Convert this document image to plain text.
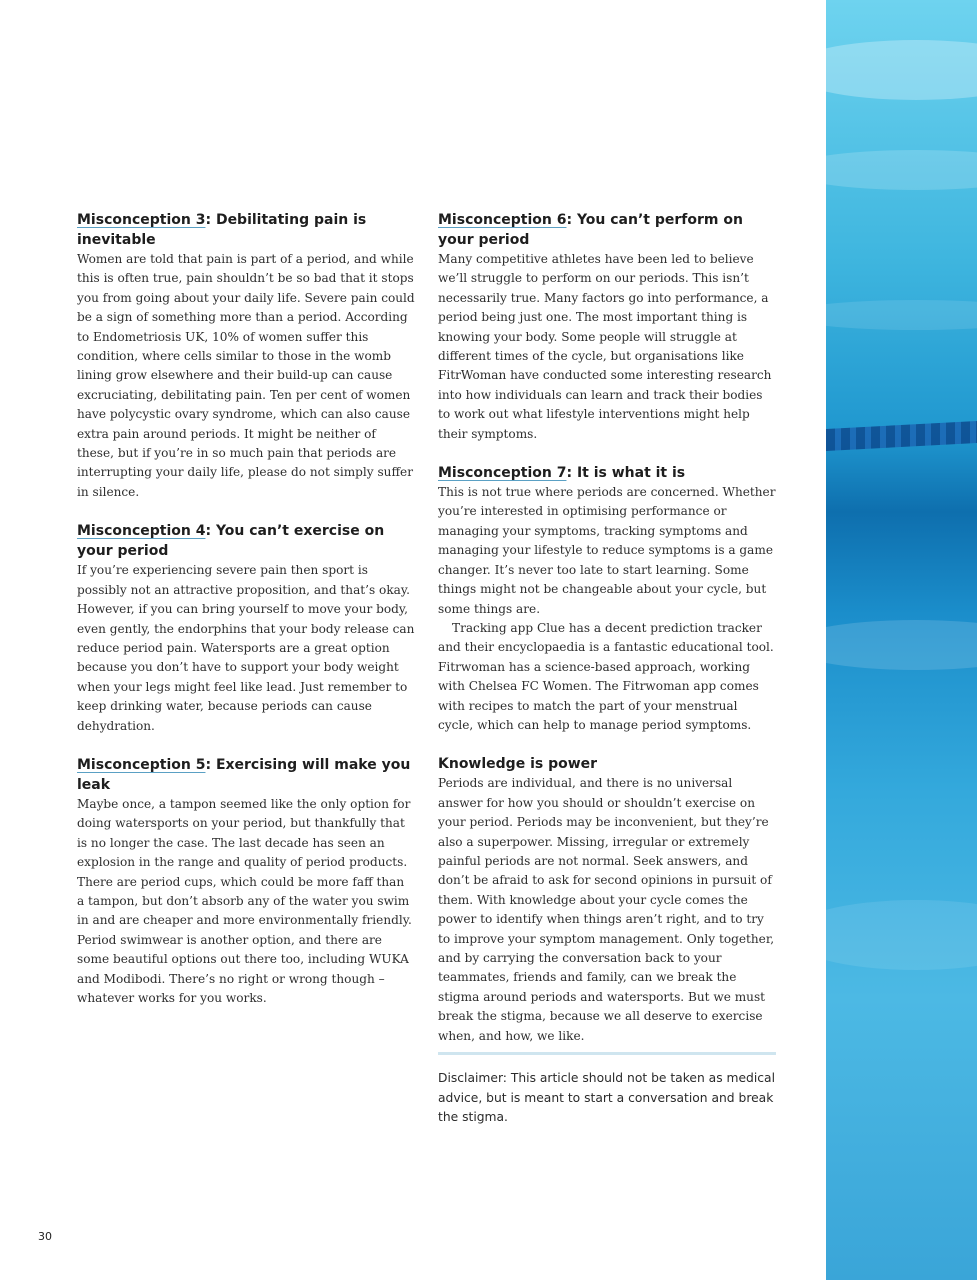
Misconception 3: Debilitating pain is inevitable

Women are told that pain is part of a period, and while this is often true, pain shouldn’t be so bad that it stops you from going about your daily life. Severe pain could be a sign of something more than a period. According to Endometriosis UK, 10% of women suffer this condition, where cells similar to those in the womb lining grow elsewhere and their build-up can cause excruciating, debilitating pain. Ten per cent of women have polycystic ovary syndrome, which can also cause extra pain around periods. It might be neither of these, but if you’re in so much pain that periods are interrupting your daily life, please do not simply suffer in silence.

Misconception 4: You can’t exercise on your period

If you’re experiencing severe pain then sport is possibly not an attractive proposition, and that’s okay. However, if you can bring yourself to move your body, even gently, the endorphins that your body release can reduce period pain. Watersports are a great option because you don’t have to support your body weight when your legs might feel like lead. Just remember to keep drinking water, because periods can cause dehydration.

Misconception 5: Exercising will make you leak

Maybe once, a tampon seemed like the only option for doing watersports on your period, but thankfully that is no longer the case. The last decade has seen an explosion in the range and quality of period products. There are period cups, which could be more faff than a tampon, but don’t absorb any of the water you swim in and are cheaper and more environmentally friendly. Period swimwear is another option, and there are some beautiful options out there too, including WUKA and Modibodi. There’s no right or wrong though – whatever works for you works.

Misconception 6: You can’t perform on your period

Many competitive athletes have been led to believe we’ll struggle to perform on our periods. This isn’t necessarily true. Many factors go into performance, a period being just one. The most important thing is knowing your body. Some people will struggle at different times of the cycle, but organisations like FitrWoman have conducted some interesting research into how individuals can learn and track their bodies to work out what lifestyle interventions might help their symptoms.

Misconception 7: It is what it is

This is not true where periods are concerned. Whether you’re interested in optimising performance or managing your symptoms, tracking symptoms and managing your lifestyle to reduce symptoms is a game changer. It’s never too late to start learning. Some things might not be changeable about your cycle, but some things are.

Tracking app Clue has a decent prediction tracker and their encyclopaedia is a fantastic educational tool. Fitrwoman has a science-based approach, working with Chelsea FC Women. The Fitrwoman app comes with recipes to match the part of your menstrual cycle, which can help to manage period symptoms.

Knowledge is power

Periods are individual, and there is no universal answer for how you should or shouldn’t exercise on your period. Periods may be inconvenient, but they’re also a superpower. Missing, irregular or extremely painful periods are not normal. Seek answers, and don’t be afraid to ask for second opinions in pursuit of them. With knowledge about your cycle comes the power to identify when things aren’t right, and to try to improve your symptom management. Only together, and by carrying the conversation back to your teammates, friends and family, can we break the stigma around periods and watersports. But we must break the stigma, because we all deserve to exercise when, and how, we like.

Disclaimer: This article should not be taken as medical advice, but is meant to start a conversation and break the stigma.

30
